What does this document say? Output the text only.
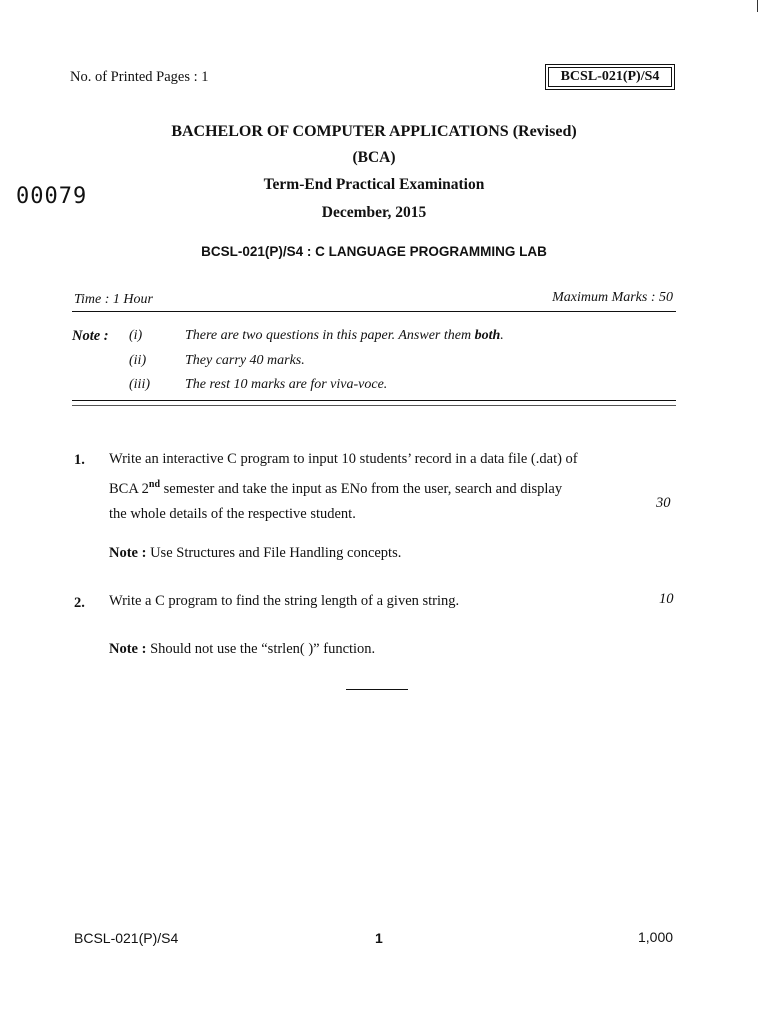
No. of Printed Pages : 1	BCSL-021(P)/S4
BACHELOR OF COMPUTER APPLICATIONS (Revised)
(BCA)
00079	Term-End Practical Examination
December, 2015
BCSL-021(P)/S4 : C LANGUAGE PROGRAMMING LAB
Time : 1 Hour	Maximum Marks : 50
Note : (i)	There are two questions in this paper. Answer them both.
(ii)	They carry 40 marks.
(iii)	The rest 10 marks are for viva-voce.
1. Write an interactive C program to input 10 students’ record in a data file (.dat) of
BCA 2nd semester and take the input as ENo from the user, search and display
the whole details of the respective student.
30
Note : Use Structures and File Handling concepts.
2. Write a C program to find the string length of a given string.	10
Note : Should not use the “strlen( )” function.
BCSL-021(P)/S4	1	1,000
